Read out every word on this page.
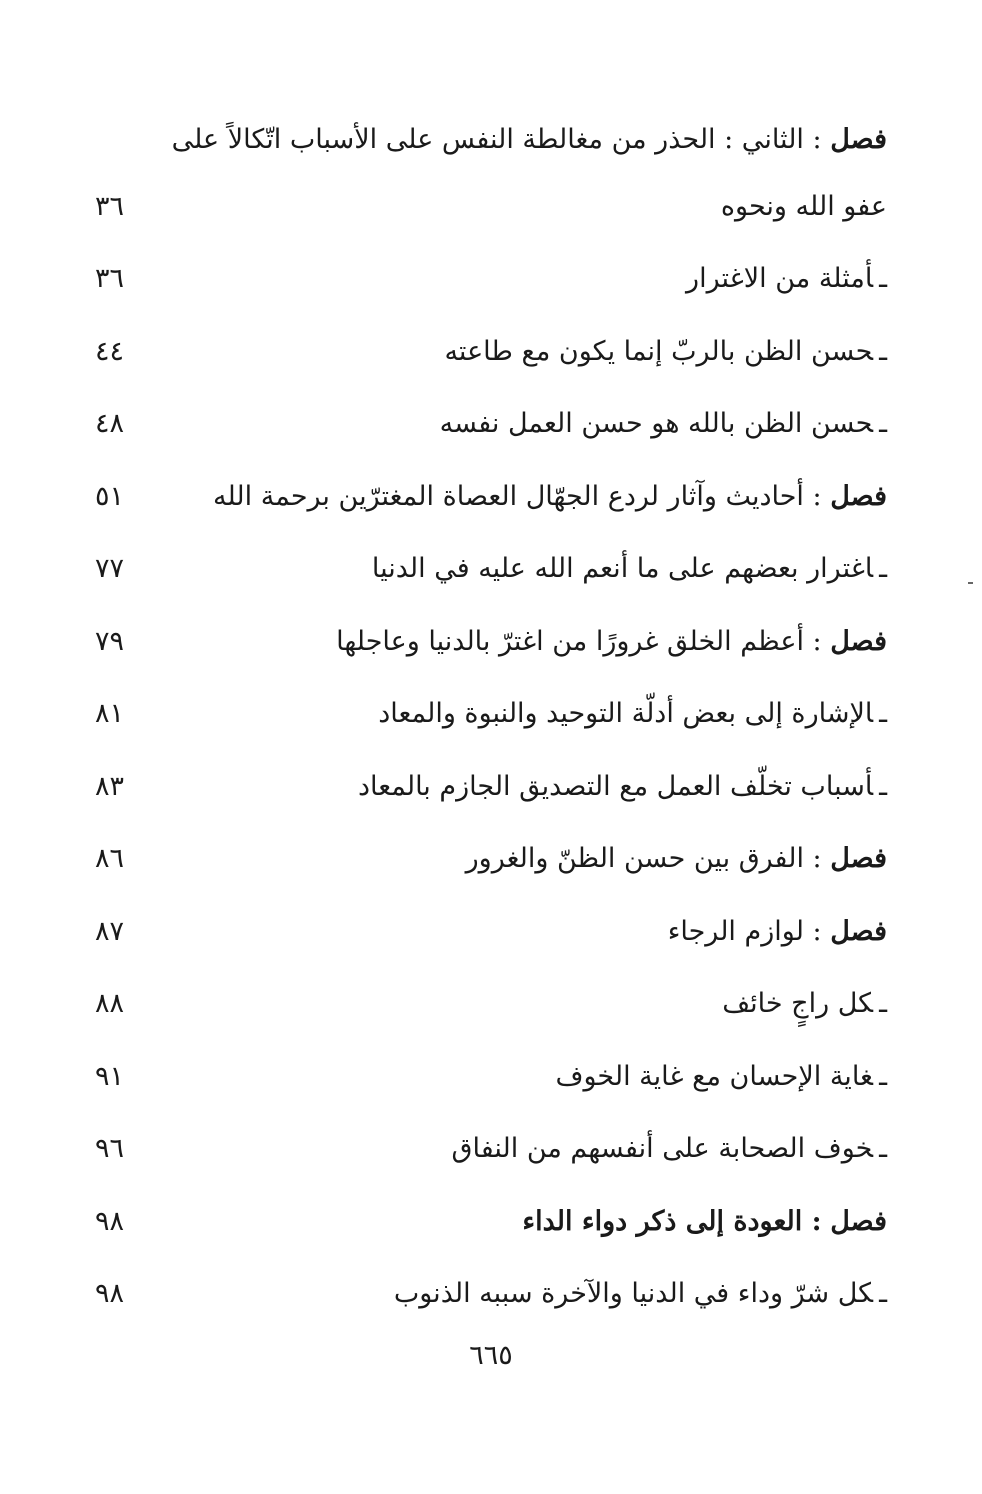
فصل : الثاني : الحذر من مغالطة النفس على الأسباب اتّكالاً على
عفو الله ونحوه
٣٦
ـأمثلة من الاغترار
٣٦
ـحسن الظن بالربّ إنما يكون مع طاعته
٤٤
ـحسن الظن بالله هو حسن العمل نفسه
٤٨
فصل : أحاديث وآثار لردع الجهّال العصاة المغترّين برحمة الله
٥١
ـاغترار بعضهم على ما أنعم الله عليه في الدنيا
٧٧
فصل : أعظم الخلق غرورًا من اغترّ بالدنيا وعاجلها
٧٩
ـالإشارة إلى بعض أدلّة التوحيد والنبوة والمعاد
٨١
ـأسباب تخلّف العمل مع التصديق الجازم بالمعاد
٨٣
فصل : الفرق بين حسن الظنّ والغرور
٨٦
فصل : لوازم الرجاء
٨٧
ـكل راجٍ خائف
٨٨
ـغاية الإحسان مع غاية الخوف
٩١
ـخوف الصحابة على أنفسهم من النفاق
٩٦
فصل : العودة إلى ذكر دواء الداء
٩٨
ـكل شرّ وداء في الدنيا والآخرة سببه الذنوب
٩٨
٦٦٥
